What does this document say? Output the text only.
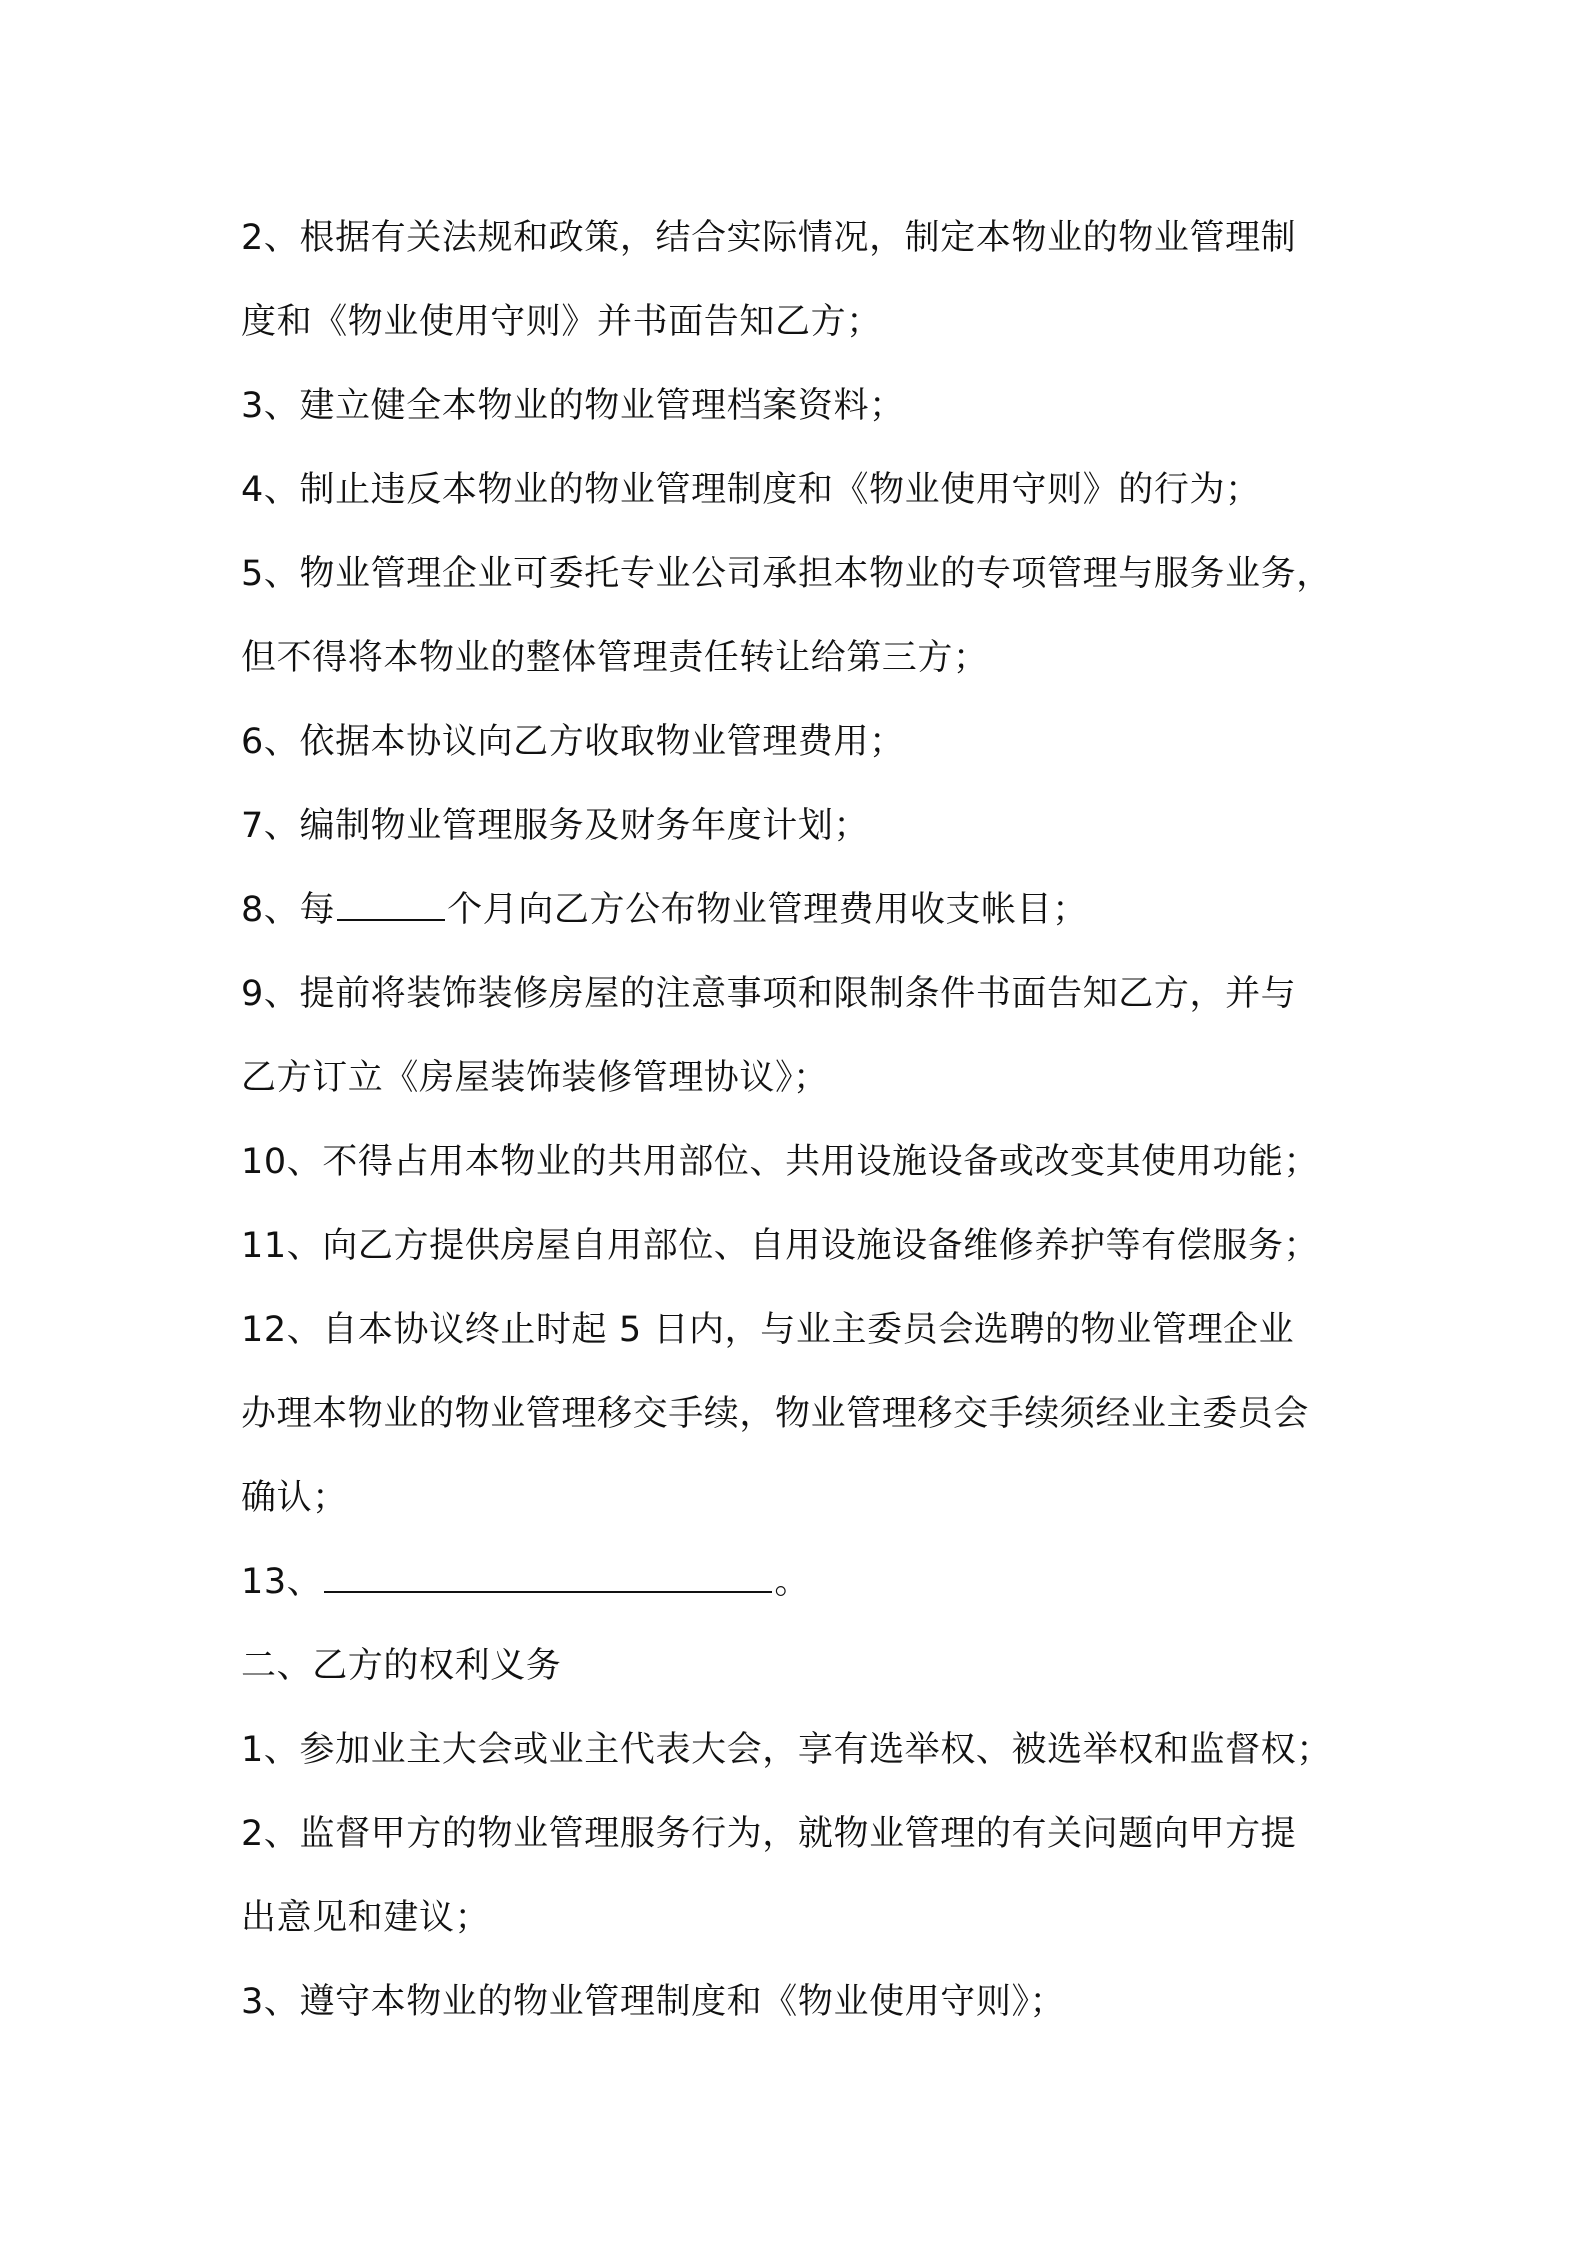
2、根据有关法规和政策，结合实际情况，制定本物业的物业管理制
度和《物业使用守则》并书面告知乙方；
3、建立健全本物业的物业管理档案资料；
4、制止违反本物业的物业管理制度和《物业使用守则》的行为；
5、物业管理企业可委托专业公司承担本物业的专项管理与服务业务，
但不得将本物业的整体管理责任转让给第三方；
6、依据本协议向乙方收取物业管理费用；
7、编制物业管理服务及财务年度计划；
8、每	个月向乙方公布物业管理费用收支帐目；
9、提前将装饰装修房屋的注意事项和限制条件书面告知乙方，并与
乙方订立《房屋装饰装修管理协议》；
10、不得占用本物业的共用部位、共用设施设备或改变其使用功能；
11、向乙方提供房屋自用部位、自用设施设备维修养护等有偿服务；
12、自本协议终止时起 5 日内，与业主委员会选聘的物业管理企业
办理本物业的物业管理移交手续，物业管理移交手续须经业主委员会
确认；
13、	。
二、乙方的权利义务
1、参加业主大会或业主代表大会，享有选举权、被选举权和监督权；
2、监督甲方的物业管理服务行为，就物业管理的有关问题向甲方提
出意见和建议；
3、遵守本物业的物业管理制度和《物业使用守则》；
